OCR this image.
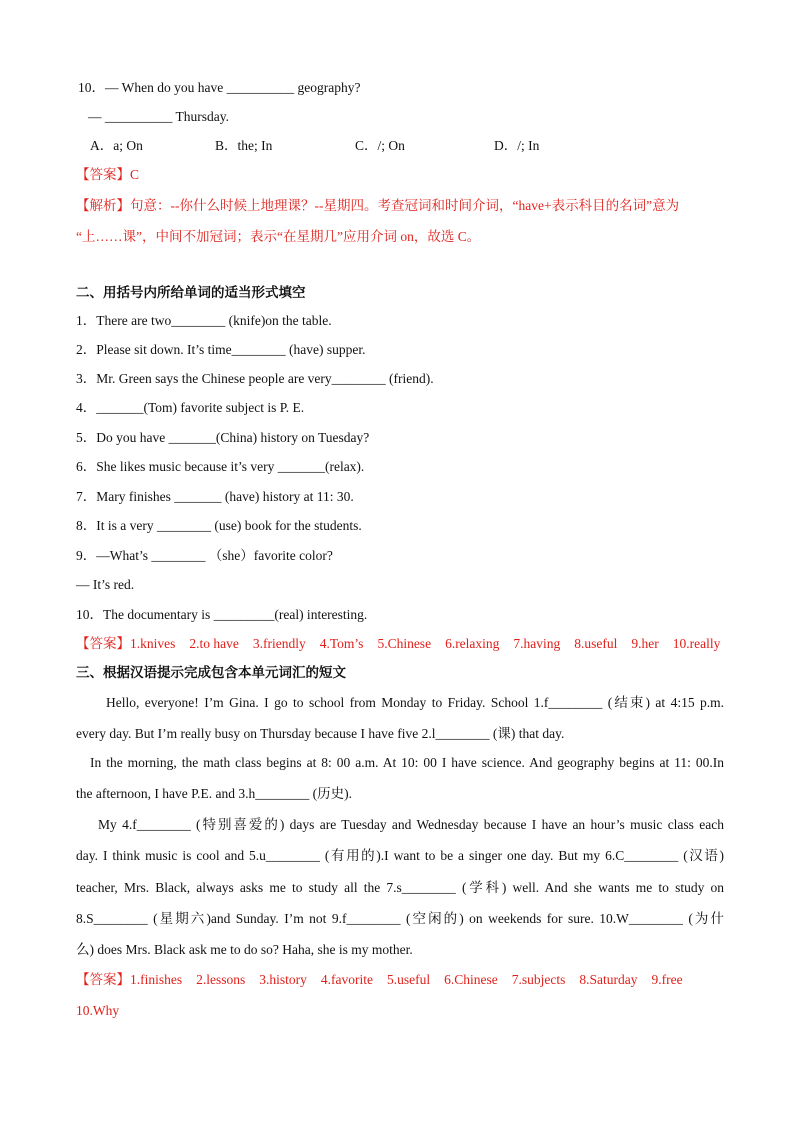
10．— When do you have __________ geography?
— __________ Thursday.
A．a; On	B．the; In	C．/; On	D．/; In
【答案】C
【解析】句意：--你什么时候上地理课？--星期四。考查冠词和时间介词，“have+表示科目的名词”意为
“上……课”，中间不加冠词；表示“在星期几”应用介词 on，故选 C。
二、用括号内所给单词的适当形式填空
1．There are two________ (knife)on the table.
2．Please sit down. It’s time________ (have) supper.
3．Mr. Green says the Chinese people are very________ (friend).
4．_______(Tom) favorite subject is P. E.
5．Do you have _______(China) history on Tuesday?
6．She likes music because it’s very _______(relax).
7．Mary finishes _______ (have) history at 11: 30.
8．It is a very ________ (use) book for the students.
9．—What’s ________ （she）favorite color?
— It’s red.
10．The documentary is _________(real) interesting.
【答案】1.knives 2.to have 3.friendly 4.Tom’s 5.Chinese 6.relaxing 7.having 8.useful 9.her 10.really
三、根据汉语提示完成包含本单元词汇的短文
Hello, everyone! I’m Gina. I go to school from Monday to Friday. School 1.f________ (结束) at 4:15 p.m.
every day. But I’m really busy on Thursday because I have five 2.l________ (课) that day.
In the morning, the math class begins at 8: 00 a.m. At 10: 00 I have science. And geography begins at 11: 00.In
the afternoon, I have P.E. and 3.h________ (历史).
My 4.f________ (特别喜爱的) days are Tuesday and Wednesday because I have an hour’s music class each
day. I think music is cool and 5.u________ (有用的).I want to be a singer one day. But my 6.C________ (汉语)
teacher, Mrs. Black, always asks me to study all the 7.s________ (学科) well. And she wants me to study on
8.S________ (星期六)and Sunday. I’m not 9.f________ (空闲的) on weekends for sure. 10.W________ (为什
么) does Mrs. Black ask me to do so? Haha, she is my mother.
【答案】1.finishes 2.lessons 3.history 4.favorite 5.useful 6.Chinese 7.subjects 8.Saturday 9.free
10.Why
